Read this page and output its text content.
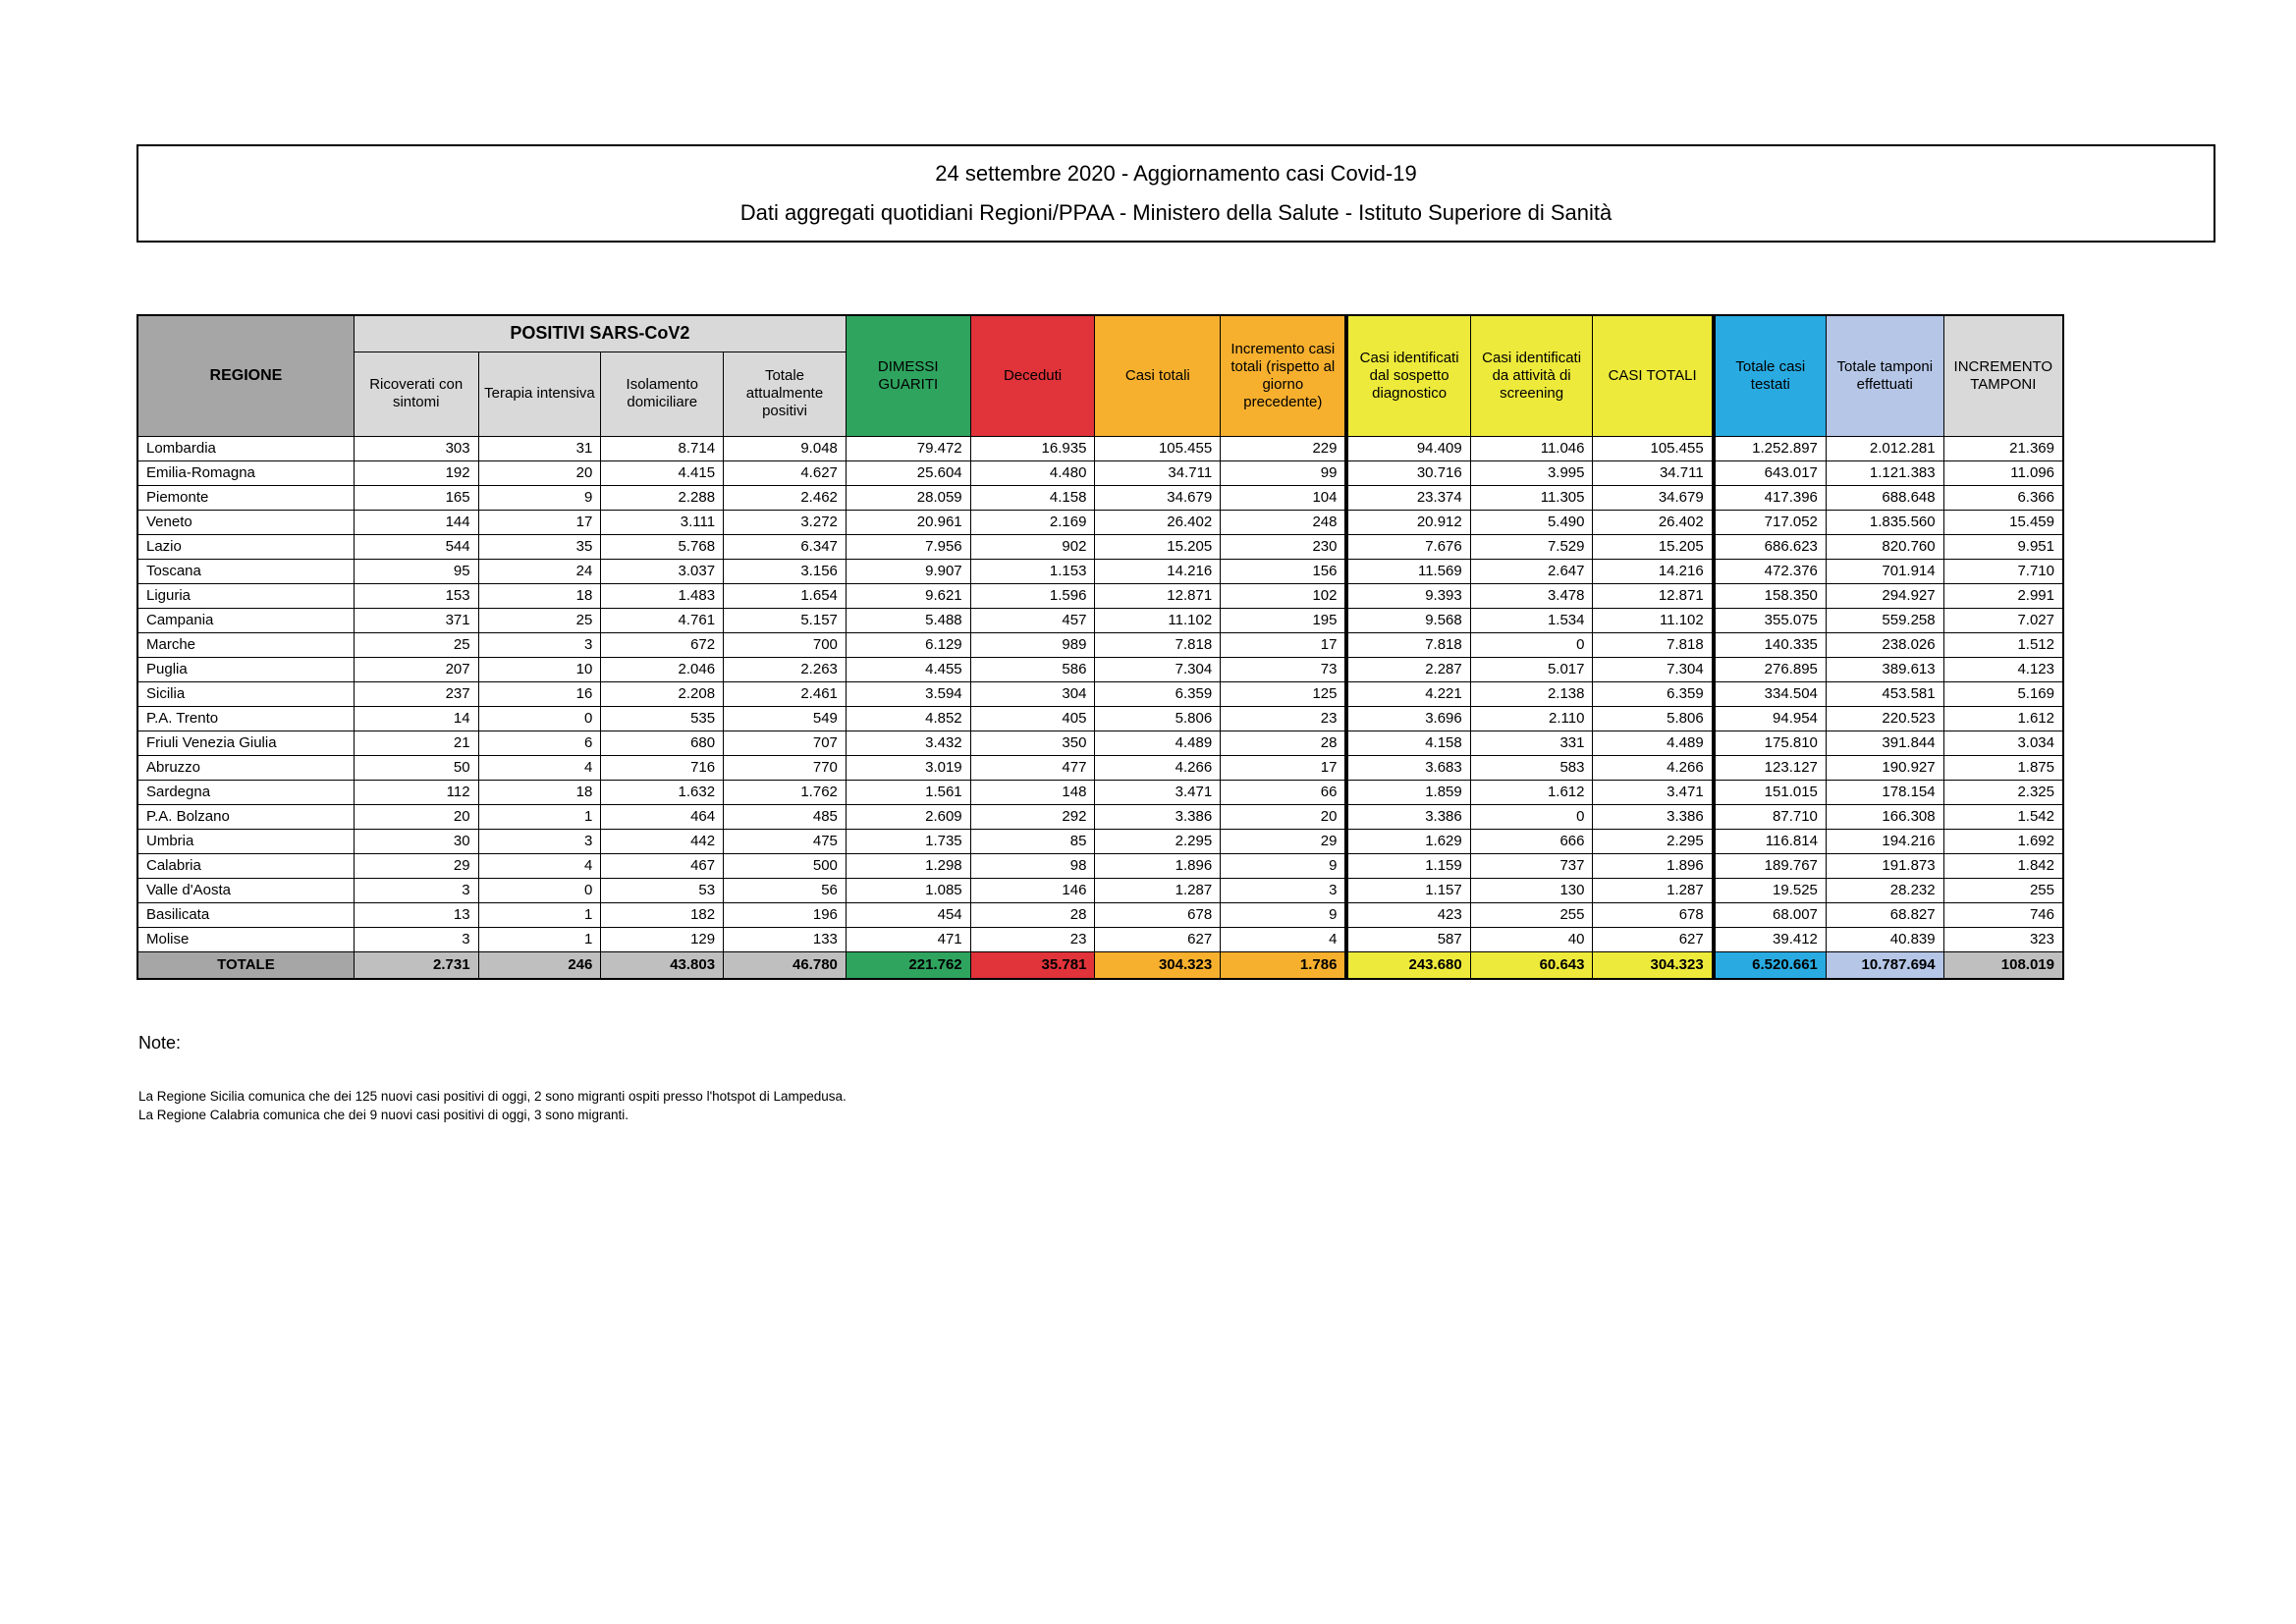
24 settembre 2020 - Aggiornamento casi Covid-19
Dati aggregati quotidiani Regioni/PPAA - Ministero della Salute - Istituto Superiore di Sanità
REGIONE	POSITIVI SARS-CoV2				DIMESSI GUARITI	Deceduti	Casi totali	Incremento casi totali (rispetto al giorno precedente)	Casi identificati dal sospetto diagnostico	Casi identificati da attività di screening	CASI TOTALI	Totale casi testati	Totale tamponi effettuati	INCREMENTO TAMPONI
	Ricoverati con sintomi	Terapia intensiva	Isolamento domiciliare	Totale attualmente positivi										
Lombardia	303	31	8.714	9.048	79.472	16.935	105.455	229	94.409	11.046	105.455	1.252.897	2.012.281	21.369
Emilia-Romagna	192	20	4.415	4.627	25.604	4.480	34.711	99	30.716	3.995	34.711	643.017	1.121.383	11.096
Piemonte	165	9	2.288	2.462	28.059	4.158	34.679	104	23.374	11.305	34.679	417.396	688.648	6.366
Veneto	144	17	3.111	3.272	20.961	2.169	26.402	248	20.912	5.490	26.402	717.052	1.835.560	15.459
Lazio	544	35	5.768	6.347	7.956	902	15.205	230	7.676	7.529	15.205	686.623	820.760	9.951
Toscana	95	24	3.037	3.156	9.907	1.153	14.216	156	11.569	2.647	14.216	472.376	701.914	7.710
Liguria	153	18	1.483	1.654	9.621	1.596	12.871	102	9.393	3.478	12.871	158.350	294.927	2.991
Campania	371	25	4.761	5.157	5.488	457	11.102	195	9.568	1.534	11.102	355.075	559.258	7.027
Marche	25	3	672	700	6.129	989	7.818	17	7.818	0	7.818	140.335	238.026	1.512
Puglia	207	10	2.046	2.263	4.455	586	7.304	73	2.287	5.017	7.304	276.895	389.613	4.123
Sicilia	237	16	2.208	2.461	3.594	304	6.359	125	4.221	2.138	6.359	334.504	453.581	5.169
P.A. Trento	14	0	535	549	4.852	405	5.806	23	3.696	2.110	5.806	94.954	220.523	1.612
Friuli Venezia Giulia	21	6	680	707	3.432	350	4.489	28	4.158	331	4.489	175.810	391.844	3.034
Abruzzo	50	4	716	770	3.019	477	4.266	17	3.683	583	4.266	123.127	190.927	1.875
Sardegna	112	18	1.632	1.762	1.561	148	3.471	66	1.859	1.612	3.471	151.015	178.154	2.325
P.A. Bolzano	20	1	464	485	2.609	292	3.386	20	3.386	0	3.386	87.710	166.308	1.542
Umbria	30	3	442	475	1.735	85	2.295	29	1.629	666	2.295	116.814	194.216	1.692
Calabria	29	4	467	500	1.298	98	1.896	9	1.159	737	1.896	189.767	191.873	1.842
Valle d'Aosta	3	0	53	56	1.085	146	1.287	3	1.157	130	1.287	19.525	28.232	255
Basilicata	13	1	182	196	454	28	678	9	423	255	678	68.007	68.827	746
Molise	3	1	129	133	471	23	627	4	587	40	627	39.412	40.839	323
TOTALE	2.731	246	43.803	46.780	221.762	35.781	304.323	1.786	243.680	60.643	304.323	6.520.661	10.787.694	108.019
Note:
La Regione Sicilia comunica che dei 125 nuovi casi positivi di oggi, 2 sono migranti ospiti presso l'hotspot di Lampedusa.
La Regione Calabria comunica che dei 9 nuovi casi positivi di oggi, 3 sono migranti.
